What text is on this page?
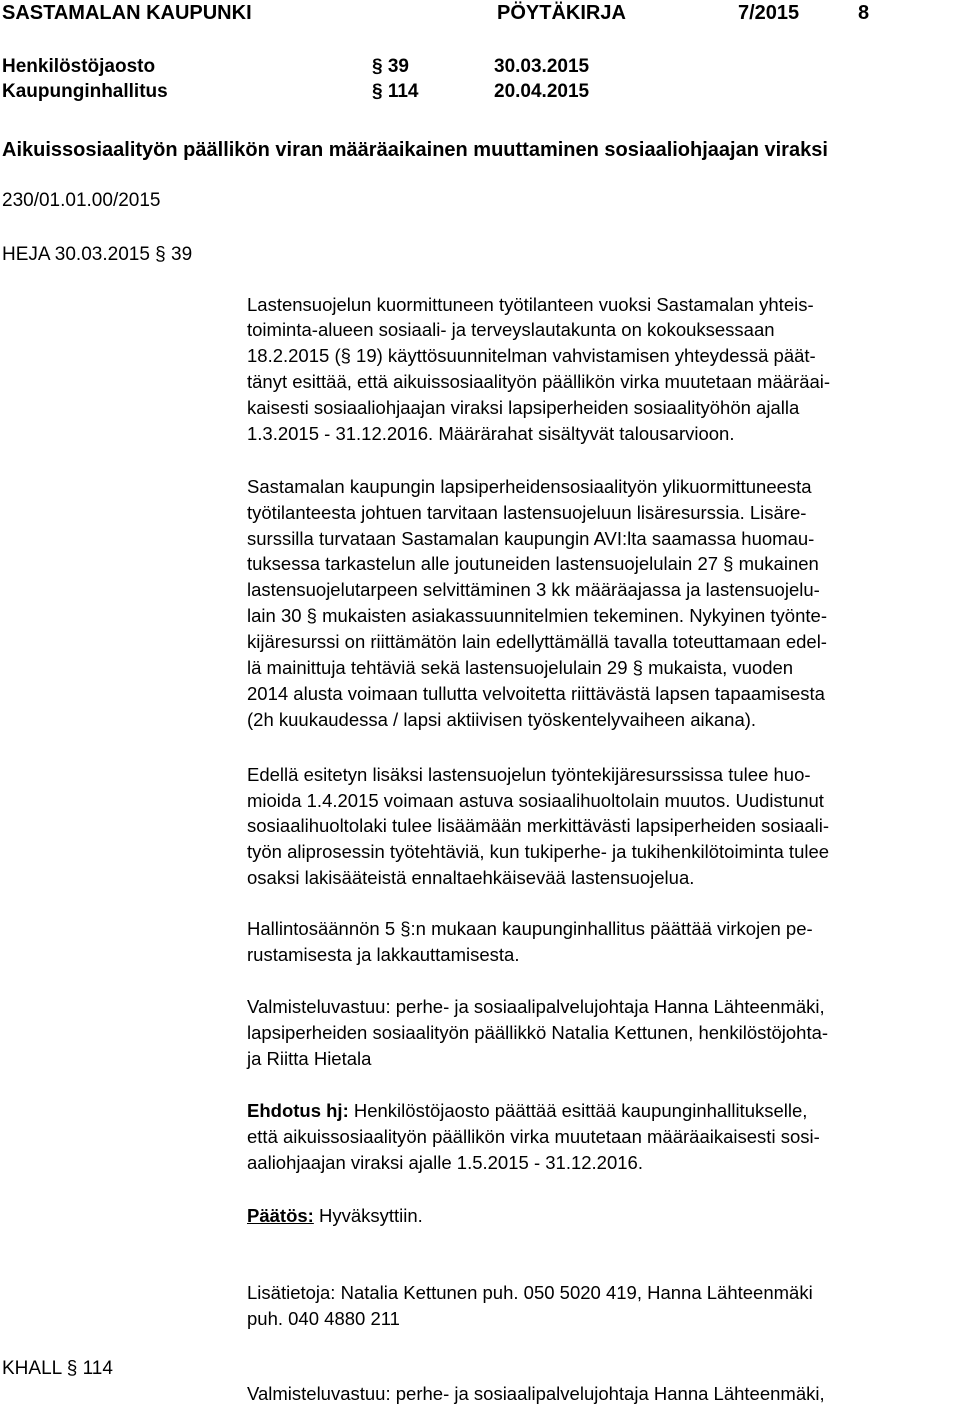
SASTAMALAN KAUPUNKI	PÖYTÄKIRJA	7/2015	8
Henkilöstöjaosto	§ 39	30.03.2015
Kaupunginhallitus	§ 114	20.04.2015
Aikuissosiaalityön päällikön viran määräaikainen muuttaminen sosiaaliohjaajan viraksi
230/01.01.00/2015
HEJA 30.03.2015 § 39
Lastensuojelun kuormittuneen työtilanteen vuoksi Sastamalan yhteis-
toiminta-alueen sosiaali- ja terveyslautakunta on kokouksessaan
18.2.2015 (§ 19) käyttösuunnitelman vahvistamisen yhteydessä päät-
tänyt esittää, että aikuissosiaalityön päällikön virka muutetaan määräai-
kaisesti sosiaaliohjaajan viraksi lapsiperheiden sosiaalityöhön ajalla
1.3.2015 - 31.12.2016. Määrärahat sisältyvät talousarvioon.
Sastamalan kaupungin lapsiperheidensosiaalityön ylikuormittuneesta
työtilanteesta johtuen tarvitaan lastensuojeluun lisäresurssia. Lisäre-
surssilla turvataan Sastamalan kaupungin AVI:lta saamassa huomau-
tuksessa tarkastelun alle joutuneiden lastensuojelulain 27 § mukainen
lastensuojelutarpeen selvittäminen 3 kk määräajassa ja lastensuojelu-
lain 30 § mukaisten asiakassuunnitelmien tekeminen. Nykyinen työnte-
kijäresurssi on riittämätön lain edellyttämällä tavalla toteuttamaan edel-
lä mainittuja tehtäviä sekä lastensuojelulain 29 § mukaista, vuoden
2014 alusta voimaan tullutta velvoitetta riittävästä lapsen tapaamisesta
(2h kuukaudessa / lapsi aktiivisen työskentelyvaiheen aikana).
Edellä esitetyn lisäksi lastensuojelun työntekijäresurssissa tulee huo-
mioida 1.4.2015 voimaan astuva sosiaalihuoltolain muutos. Uudistunut
sosiaalihuoltolaki tulee lisäämään merkittävästi lapsiperheiden sosiaali-
työn aliprosessin työtehtäviä, kun tukiperhe- ja tukihenkilötoiminta tulee
osaksi lakisääteistä ennaltaehkäisevää lastensuojelua.
Hallintosäännön 5 §:n mukaan kaupunginhallitus päättää virkojen pe-
rustamisesta ja lakkauttamisesta.
Valmisteluvastuu: perhe- ja sosiaalipalvelujohtaja Hanna Lähteenmäki,
lapsiperheiden sosiaalityön päällikkö Natalia Kettunen, henkilöstöjohta-
ja Riitta Hietala
Ehdotus hj: Henkilöstöjaosto päättää esittää kaupunginhallitukselle,
että aikuissosiaalityön päällikön virka muutetaan määräaikaisesti sosi-
aaliohjaajan viraksi ajalle 1.5.2015 - 31.12.2016.
Päätös: Hyväksyttiin.
Lisätietoja: Natalia Kettunen puh. 050 5020 419, Hanna Lähteenmäki
puh. 040 4880 211
KHALL § 114
Valmisteluvastuu: perhe- ja sosiaalipalvelujohtaja Hanna Lähteenmäki,
